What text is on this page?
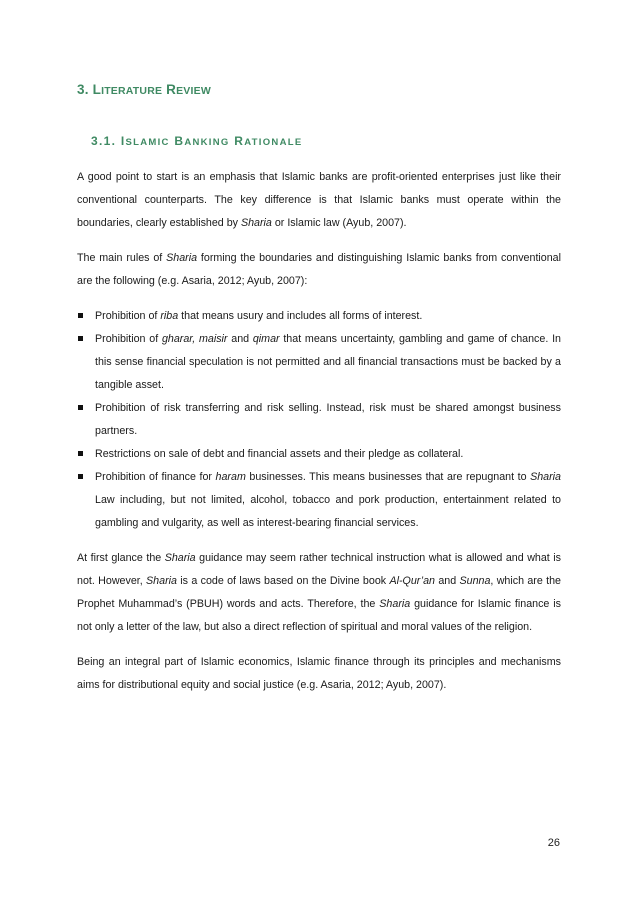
3. LITERATURE REVIEW
3.1. ISLAMIC BANKING RATIONALE

A good point to start is an emphasis that Islamic banks are profit-oriented enterprises just like their conventional counterparts. The key difference is that Islamic banks must operate within the boundaries, clearly established by Sharia or Islamic law (Ayub, 2007).

The main rules of Sharia forming the boundaries and distinguishing Islamic banks from conventional are the following (e.g. Asaria, 2012; Ayub, 2007):

Prohibition of riba that means usury and includes all forms of interest.
Prohibition of gharar, maisir and qimar that means uncertainty, gambling and game of chance. In this sense financial speculation is not permitted and all financial transactions must be backed by a tangible asset.
Prohibition of risk transferring and risk selling. Instead, risk must be shared amongst business partners.
Restrictions on sale of debt and financial assets and their pledge as collateral.
Prohibition of finance for haram businesses. This means businesses that are repugnant to Sharia Law including, but not limited, alcohol, tobacco and pork production, entertainment related to gambling and vulgarity, as well as interest-bearing financial services.

At first glance the Sharia guidance may seem rather technical instruction what is allowed and what is not. However, Sharia is a code of laws based on the Divine book Al-Qur’an and Sunna, which are the Prophet Muhammad’s (PBUH) words and acts. Therefore, the Sharia guidance for Islamic finance is not only a letter of the law, but also a direct reflection of spiritual and moral values of the religion.

Being an integral part of Islamic economics, Islamic finance through its principles and mechanisms aims for distributional equity and social justice (e.g. Asaria, 2012; Ayub, 2007).

26
